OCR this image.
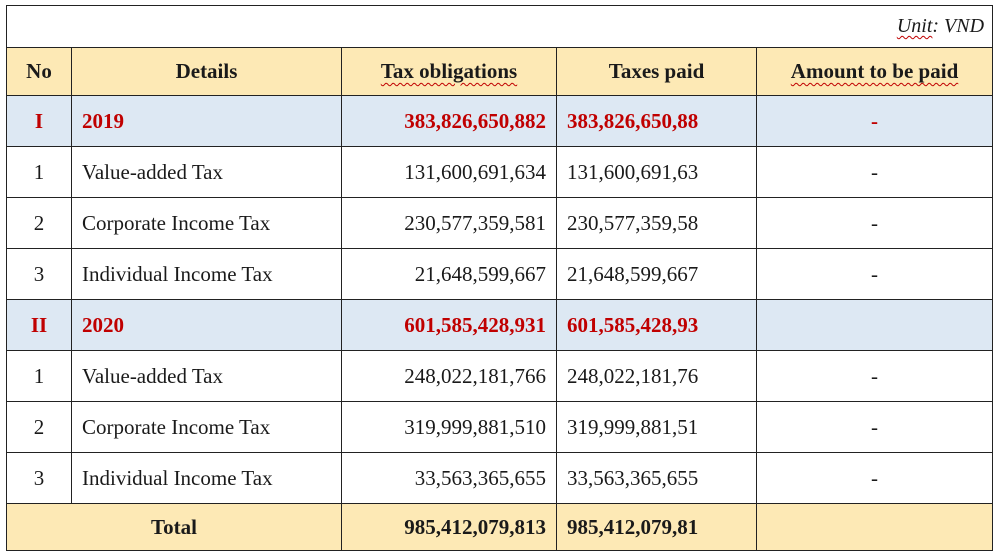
Unit: VND				
No	Details	Tax obligations	Taxes paid	Amount to be paid
I	2019	383,826,650,882	383,826,650,88	-
1	Value-added Tax	131,600,691,634	131,600,691,63	-
2	Corporate Income Tax	230,577,359,581	230,577,359,58	-
3	Individual Income Tax	21,648,599,667	21,648,599,667	-
II	2020	601,585,428,931	601,585,428,93	
1	Value-added Tax	248,022,181,766	248,022,181,76	-
2	Corporate Income Tax	319,999,881,510	319,999,881,51	-
3	Individual Income Tax	33,563,365,655	33,563,365,655	-
Total		985,412,079,813	985,412,079,81	
